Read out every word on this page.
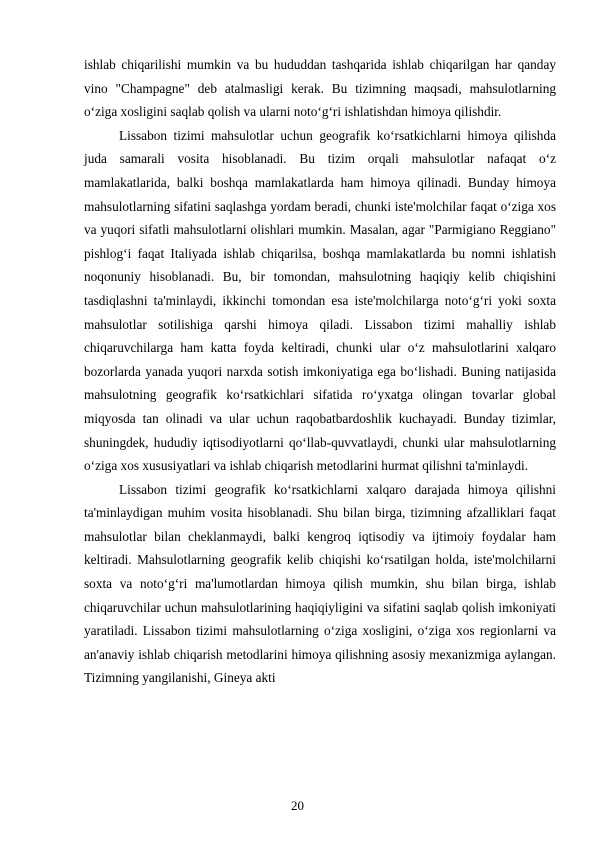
ishlab chiqarilishi mumkin va bu hududdan tashqarida ishlab chiqarilgan har qanday vino "Champagne" deb atalmasligi kerak. Bu tizimning maqsadi, mahsulotlarning o‘ziga xosligini saqlab qolish va ularni noto‘g‘ri ishlatishdan himoya qilishdir.

Lissabon tizimi mahsulotlar uchun geografik ko‘rsatkichlarni himoya qilishda juda samarali vosita hisoblanadi. Bu tizim orqali mahsulotlar nafaqat o‘z mamlakatlarida, balki boshqa mamlakatlarda ham himoya qilinadi. Bunday himoya mahsulotlarning sifatini saqlashga yordam beradi, chunki iste'molchilar faqat o‘ziga xos va yuqori sifatli mahsulotlarni olishlari mumkin. Masalan, agar "Parmigiano Reggiano" pishlog‘i faqat Italiyada ishlab chiqarilsa, boshqa mamlakatlarda bu nomni ishlatish noqonuniy hisoblanadi. Bu, bir tomondan, mahsulotning haqiqiy kelib chiqishini tasdiqlashni ta'minlaydi, ikkinchi tomondan esa iste'molchilarga noto‘g‘ri yoki soxta mahsulotlar sotilishiga qarshi himoya qiladi. Lissabon tizimi mahalliy ishlab chiqaruvchilarga ham katta foyda keltiradi, chunki ular o‘z mahsulotlarini xalqaro bozorlarda yanada yuqori narxda sotish imkoniyatiga ega bo‘lishadi. Buning natijasida mahsulotning geografik ko‘rsatkichlari sifatida ro‘yxatga olingan tovarlar global miqyosda tan olinadi va ular uchun raqobatbardoshlik kuchayadi. Bunday tizimlar, shuningdek, hududiy iqtisodiyotlarni qo‘llab-quvvatlaydi, chunki ular mahsulotlarning o‘ziga xos xususiyatlari va ishlab chiqarish metodlarini hurmat qilishni ta'minlaydi.

Lissabon tizimi geografik ko‘rsatkichlarni xalqaro darajada himoya qilishni ta'minlaydigan muhim vosita hisoblanadi. Shu bilan birga, tizimning afzalliklari faqat mahsulotlar bilan cheklanmaydi, balki kengroq iqtisodiy va ijtimoiy foydalar ham keltiradi. Mahsulotlarning geografik kelib chiqishi ko‘rsatilgan holda, iste'molchilarni soxta va noto‘g‘ri ma'lumotlardan himoya qilish mumkin, shu bilan birga, ishlab chiqaruvchilar uchun mahsulotlarining haqiqiyligini va sifatini saqlab qolish imkoniyati yaratiladi. Lissabon tizimi mahsulotlarning o‘ziga xosligini, o‘ziga xos regionlarni va an'anaviy ishlab chiqarish metodlarini himoya qilishning asosiy mexanizmiga aylangan. Tizimning yangilanishi, Gineya akti

20
